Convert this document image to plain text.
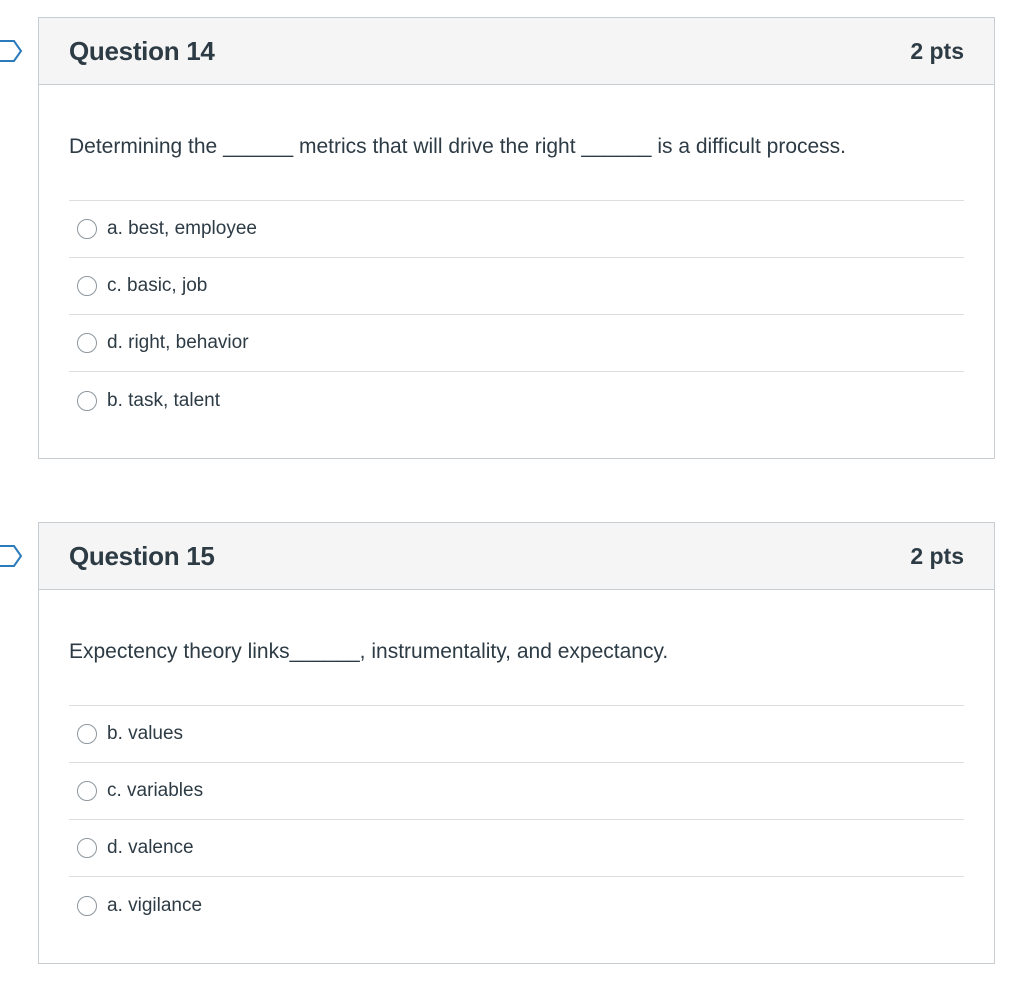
Question 14	2 pts
Determining the ______ metrics that will drive the right ______ is a difficult process.
a. best, employee
c. basic, job
d. right, behavior
b. task, talent
Question 15	2 pts
Expectency theory links______, instrumentality, and expectancy.
b. values
c. variables
d. valence
a. vigilance
